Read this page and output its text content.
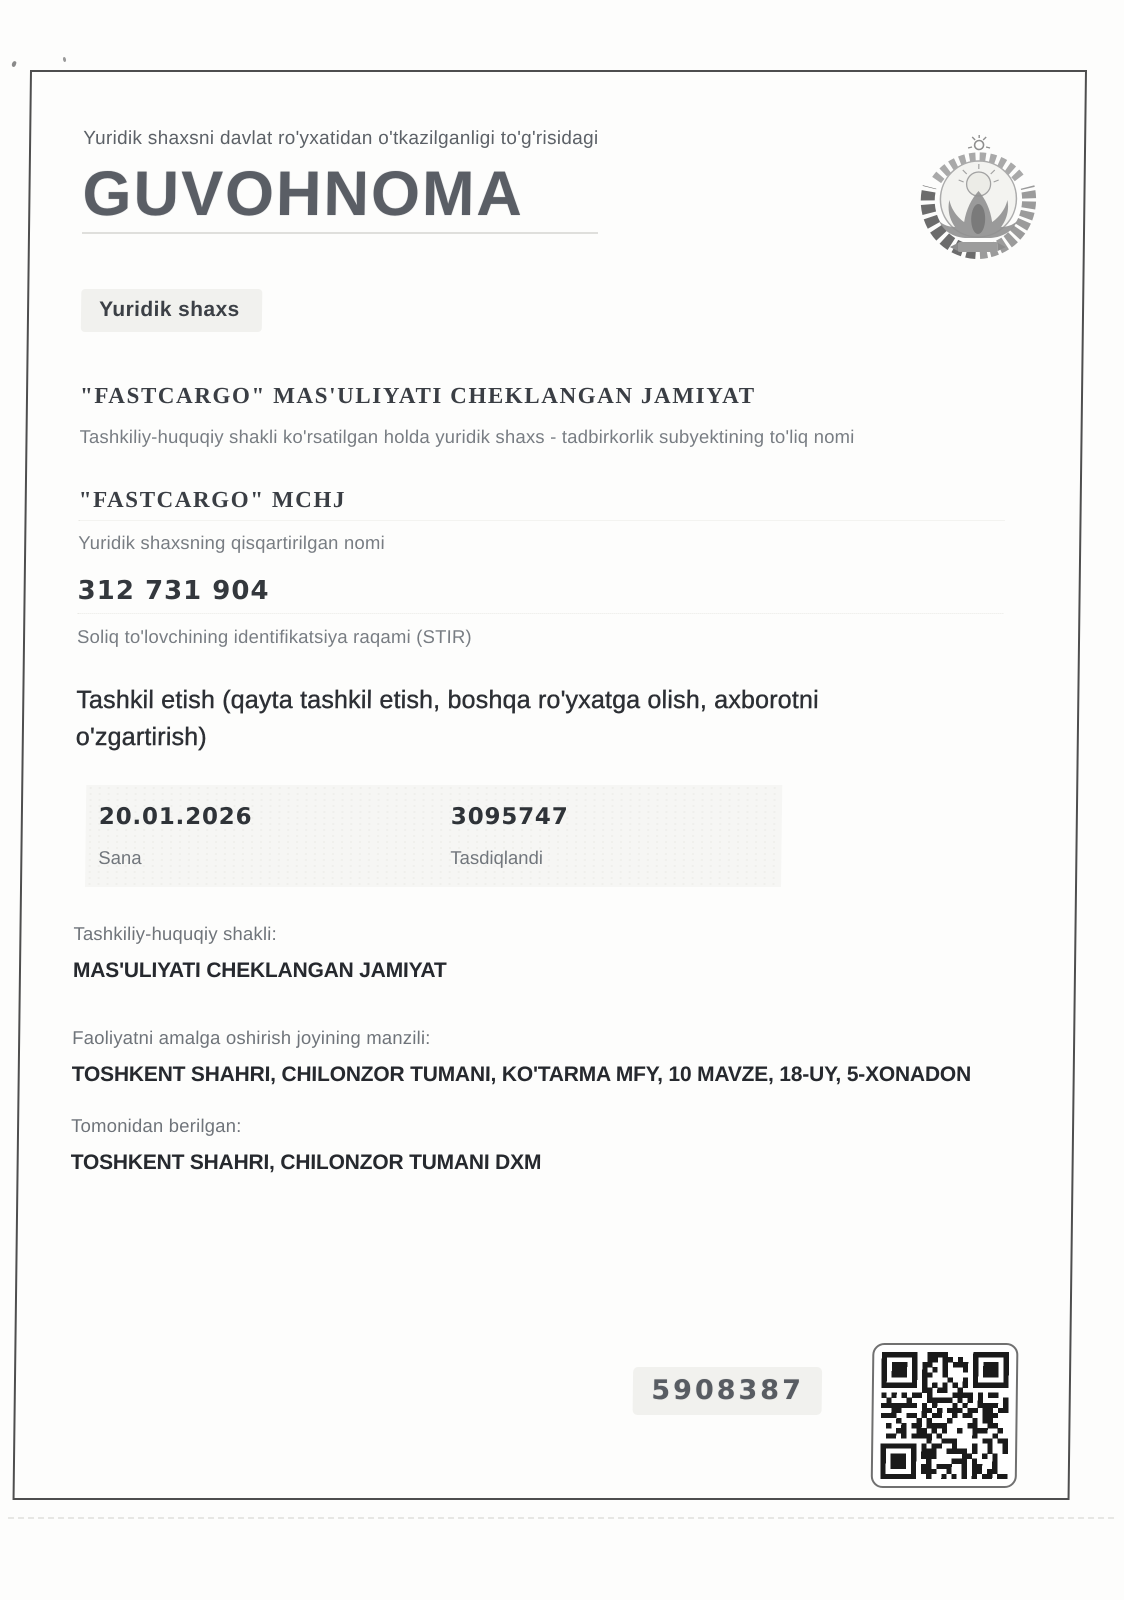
Yuridik shaxsni davlat ro'yxatidan o'tkazilganligi to'g'risidagi
GUVOHNOMA
Yuridik shaxs
"FASTCARGO" MAS'ULIYATI CHEKLANGAN JAMIYAT
Tashkiliy-huquqiy shakli ko'rsatilgan holda yuridik shaxs - tadbirkorlik subyektining to'liq nomi
"FASTCARGO" MCHJ
Yuridik shaxsning qisqartirilgan nomi
312 731 904
Soliq to'lovchining identifikatsiya raqami (STIR)
Tashkil etish (qayta tashkil etish, boshqa ro'yxatga olish, axborotni o'zgartirish)
20.01.2026
Sana
3095747
Tasdiqlandi
Tashkiliy-huquqiy shakli:
MAS'ULIYATI CHEKLANGAN JAMIYAT
Faoliyatni amalga oshirish joyining manzili:
TOSHKENT SHAHRI, CHILONZOR TUMANI, KO'TARMA MFY, 10 MAVZE, 18-UY, 5-XONADON
Tomonidan berilgan:
TOSHKENT SHAHRI, CHILONZOR TUMANI DXM
5908387
